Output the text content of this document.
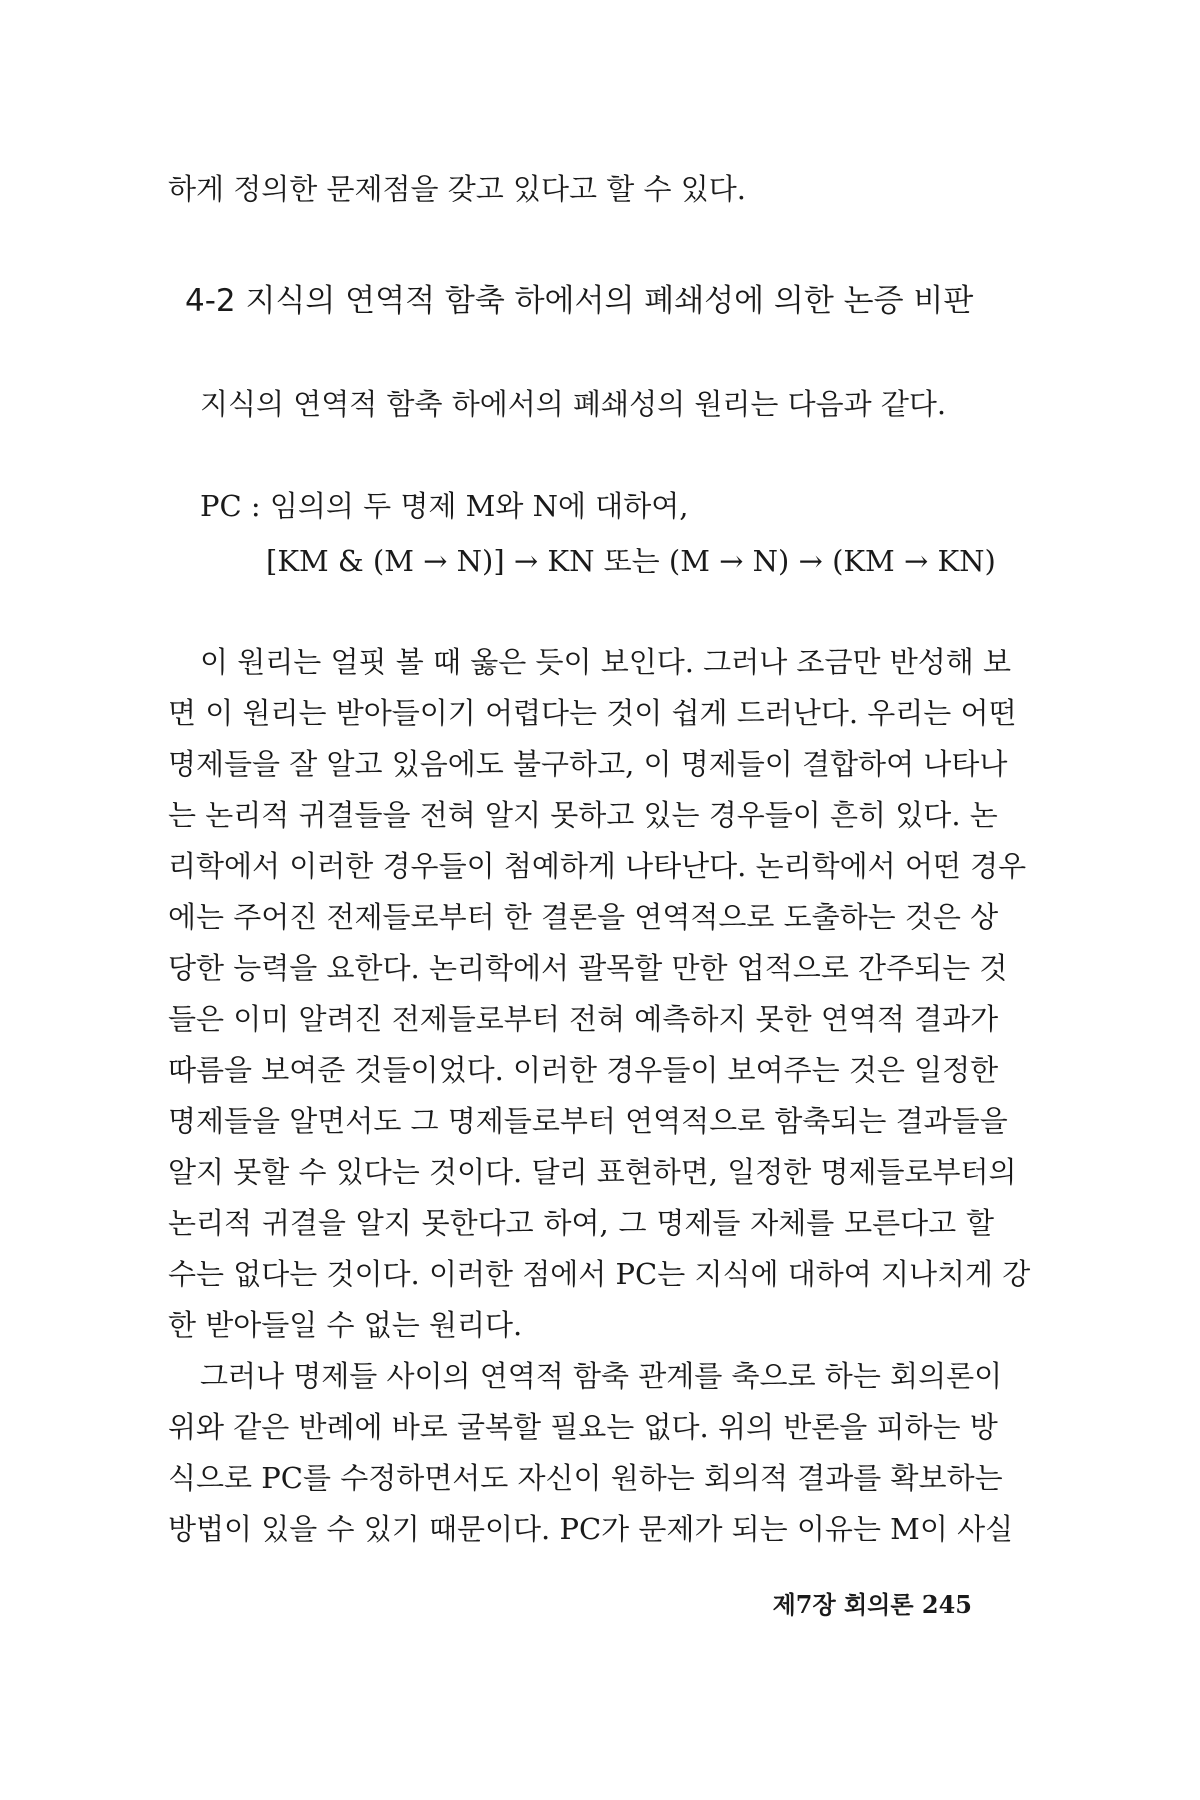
하게 정의한 문제점을 갖고 있다고 할 수 있다.
4-2 지식의 연역적 함축 하에서의 폐쇄성에 의한 논증 비판
지식의 연역적 함축 하에서의 폐쇄성의 원리는 다음과 같다.
PC : 임의의 두 명제 M와 N에 대하여,
[KM & (M → N)] → KN 또는 (M → N) → (KM → KN)
이 원리는 얼핏 볼 때 옳은 듯이 보인다. 그러나 조금만 반성해 보
면 이 원리는 받아들이기 어렵다는 것이 쉽게 드러난다. 우리는 어떤
명제들을 잘 알고 있음에도 불구하고, 이 명제들이 결합하여 나타나
는 논리적 귀결들을 전혀 알지 못하고 있는 경우들이 흔히 있다. 논
리학에서 이러한 경우들이 첨예하게 나타난다. 논리학에서 어떤 경우
에는 주어진 전제들로부터 한 결론을 연역적으로 도출하는 것은 상
당한 능력을 요한다. 논리학에서 괄목할 만한 업적으로 간주되는 것
들은 이미 알려진 전제들로부터 전혀 예측하지 못한 연역적 결과가
따름을 보여준 것들이었다. 이러한 경우들이 보여주는 것은 일정한
명제들을 알면서도 그 명제들로부터 연역적으로 함축되는 결과들을
알지 못할 수 있다는 것이다. 달리 표현하면, 일정한 명제들로부터의
논리적 귀결을 알지 못한다고 하여, 그 명제들 자체를 모른다고 할
수는 없다는 것이다. 이러한 점에서 PC는 지식에 대하여 지나치게 강
한 받아들일 수 없는 원리다.
그러나 명제들 사이의 연역적 함축 관계를 축으로 하는 회의론이
위와 같은 반례에 바로 굴복할 필요는 없다. 위의 반론을 피하는 방
식으로 PC를 수정하면서도 자신이 원하는 회의적 결과를 확보하는
방법이 있을 수 있기 때문이다. PC가 문제가 되는 이유는 M이 사실
제7장 회의론 245
